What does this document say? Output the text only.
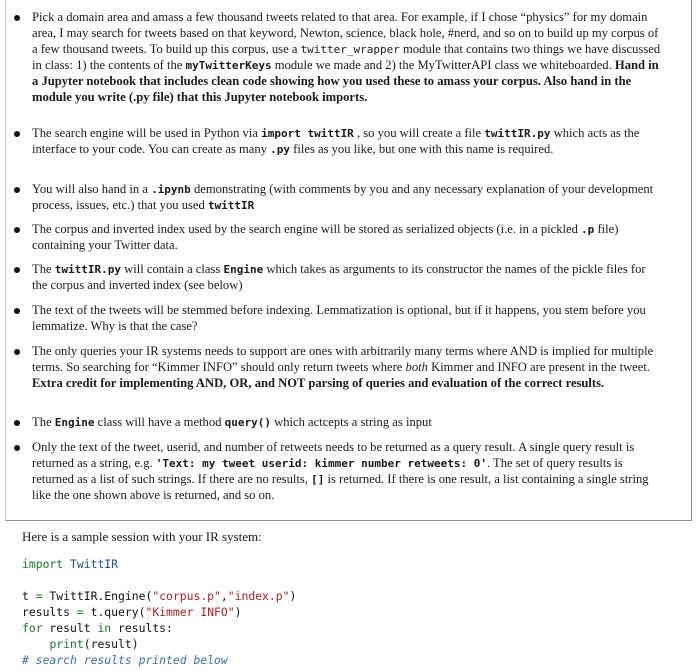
Pick a domain area and amass a few thousand tweets related to that area. For example, if I chose “physics” for my domain area, I may search for tweets based on that keyword, Newton, science, black hole, #nerd, and so on to build up my corpus of a few thousand tweets. To build up this corpus, use a twitter_wrapper module that contains two things we have discussed in class: 1) the contents of the myTwitterKeys module we made and 2) the MyTwitterAPI class we whiteboarded. Hand in a Jupyter notebook that includes clean code showing how you used these to amass your corpus. Also hand in the module you write (.py file) that this Jupyter notebook imports.
The search engine will be used in Python via import twittIR , so you will create a file twittIR.py which acts as the interface to your code. You can create as many .py files as you like, but one with this name is required.
You will also hand in a .ipynb demonstrating (with comments by you and any necessary explanation of your development process, issues, etc.) that you used twittIR
The corpus and inverted index used by the search engine will be stored as serialized objects (i.e. in a pickled .p file) containing your Twitter data.
The twittIR.py will contain a class Engine which takes as arguments to its constructor the names of the pickle files for the corpus and inverted index (see below)
The text of the tweets will be stemmed before indexing. Lemmatization is optional, but if it happens, you stem before you lemmatize. Why is that the case?
The only queries your IR systems needs to support are ones with arbitrarily many terms where AND is implied for multiple terms. So searching for “Kimmer INFO” should only return tweets where both Kimmer and INFO are present in the tweet. Extra credit for implementing AND, OR, and NOT parsing of queries and evaluation of the correct results.
The Engine class will have a method query() which actcepts a string as input
Only the text of the tweet, userid, and number of retweets needs to be returned as a query result. A single query result is returned as a string, e.g. 'Text: my tweet userid: kimmer number retweets: 0'. The set of query results is returned as a list of such strings. If there are no results, [] is returned. If there is one result, a list containing a single string like the one shown above is returned, and so on.
Here is a sample session with your IR system:
import TwittIR
t = TwittIR.Engine("corpus.p","index.p")
results = t.query("Kimmer INFO")
for result in results:
print(result)
# search results printed below
